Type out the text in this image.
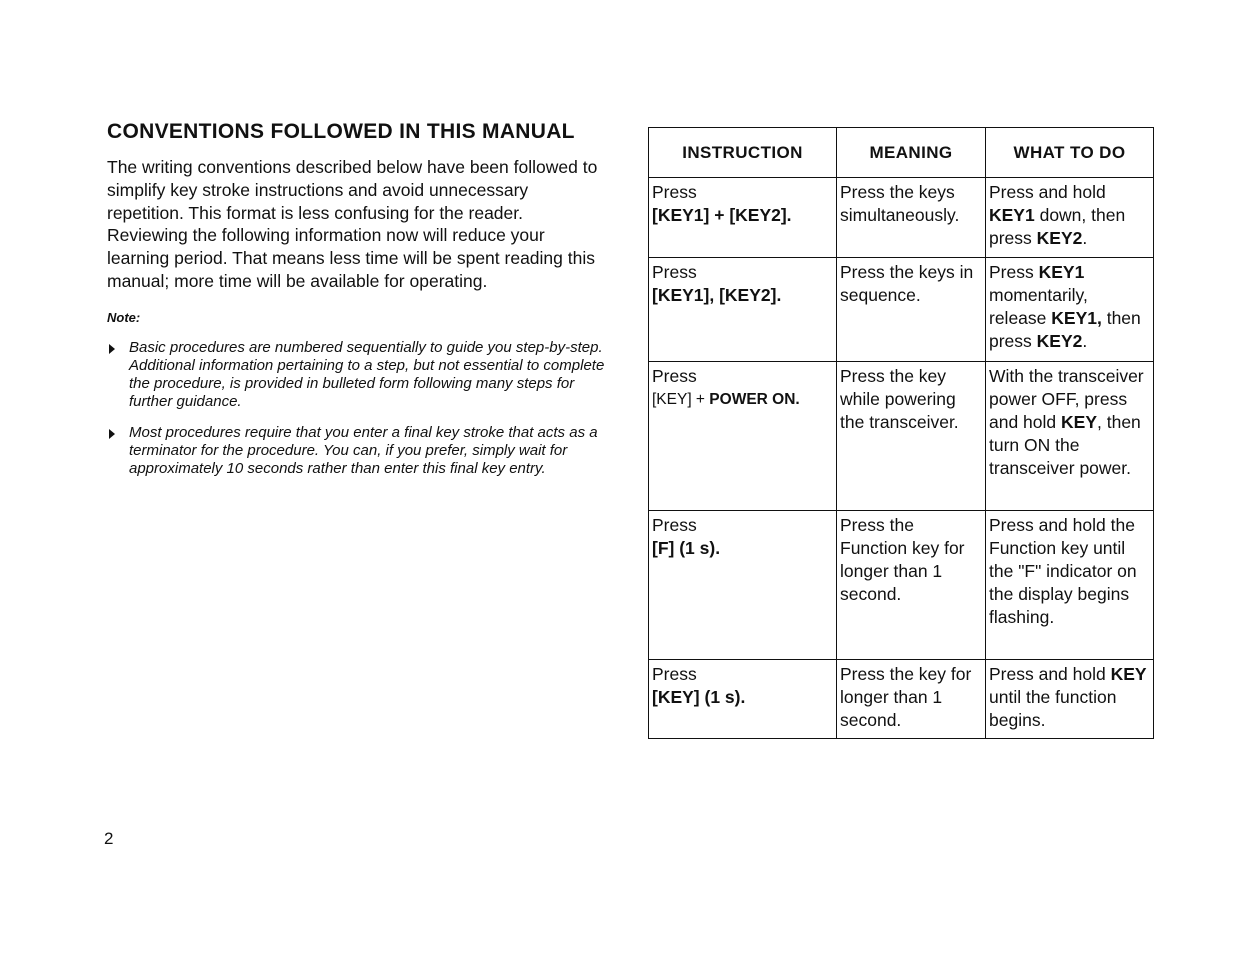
CONVENTIONS FOLLOWED IN THIS MANUAL

The writing conventions described below have been followed to simplify key stroke instructions and avoid unnecessary repetition. This format is less confusing for the reader. Reviewing the following information now will reduce your learning period. That means less time will be spent reading this manual; more time will be available for operating.

Note:
Basic procedures are numbered sequentially to guide you step-by-step. Additional information pertaining to a step, but not essential to complete the procedure, is provided in bulleted form following many steps for further guidance.
Most procedures require that you enter a final key stroke that acts as a terminator for the procedure. You can, if you prefer, simply wait for approximately 10 seconds rather than enter this final key entry.
2
INSTRUCTION	MEANING	WHAT TO DO

Press
[KEY1] + [KEY2].	Press the keys simultaneously.	Press and hold KEY1 down, then press KEY2.

Press
[KEY1], [KEY2].	Press the keys in sequence.	Press KEY1 momentarily, release KEY1, then press KEY2.

Press
[KEY] + POWER ON.	Press the key while powering the transceiver.	With the transceiver power OFF, press and hold KEY, then turn ON the transceiver power.

Press
[F] (1 s).	Press the Function key for longer than 1 second.	Press and hold the Function key until the "F" indicator on the display begins flashing.

Press
[KEY] (1 s).	Press the key for longer than 1 second.	Press and hold KEY until the function begins.
